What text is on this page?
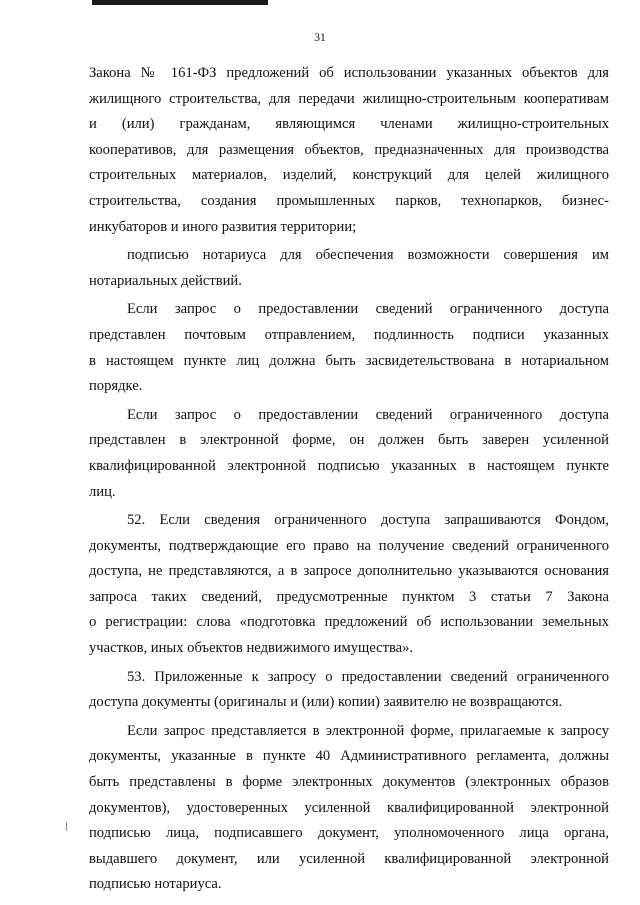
31
Закона № 161-ФЗ предложений об использовании указанных объектов для
жилищного строительства, для передачи жилищно-строительным кооперативам
и (или) гражданам, являющимся членами жилищно-строительных
кооперативов, для размещения объектов, предназначенных для производства
строительных материалов, изделий, конструкций для целей жилищного
строительства, создания промышленных парков, технопарков, бизнес-
инкубаторов и иного развития территории;
подписью нотариуса для обеспечения возможности совершения им
нотариальных действий.
Если запрос о предоставлении сведений ограниченного доступа
представлен почтовым отправлением, подлинность подписи указанных
в настоящем пункте лиц должна быть засвидетельствована в нотариальном
порядке.
Если запрос о предоставлении сведений ограниченного доступа
представлен в электронной форме, он должен быть заверен усиленной
квалифицированной электронной подписью указанных в настоящем пункте
лиц.
52. Если сведения ограниченного доступа запрашиваются Фондом,
документы, подтверждающие его право на получение сведений ограниченного
доступа, не представляются, а в запросе дополнительно указываются основания
запроса таких сведений, предусмотренные пунктом 3 статьи 7 Закона
о регистрации: слова «подготовка предложений об использовании земельных
участков, иных объектов недвижимого имущества».
53. Приложенные к запросу о предоставлении сведений ограниченного
доступа документы (оригиналы и (или) копии) заявителю не возвращаются.
Если запрос представляется в электронной форме, прилагаемые к запросу
документы, указанные в пункте 40 Административного регламента, должны
быть представлены в форме электронных документов (электронных образов
документов), удостоверенных усиленной квалифицированной электронной
подписью лица, подписавшего документ, уполномоченного лица органа,
выдавшего документ, или усиленной квалифицированной электронной
подписью нотариуса.
